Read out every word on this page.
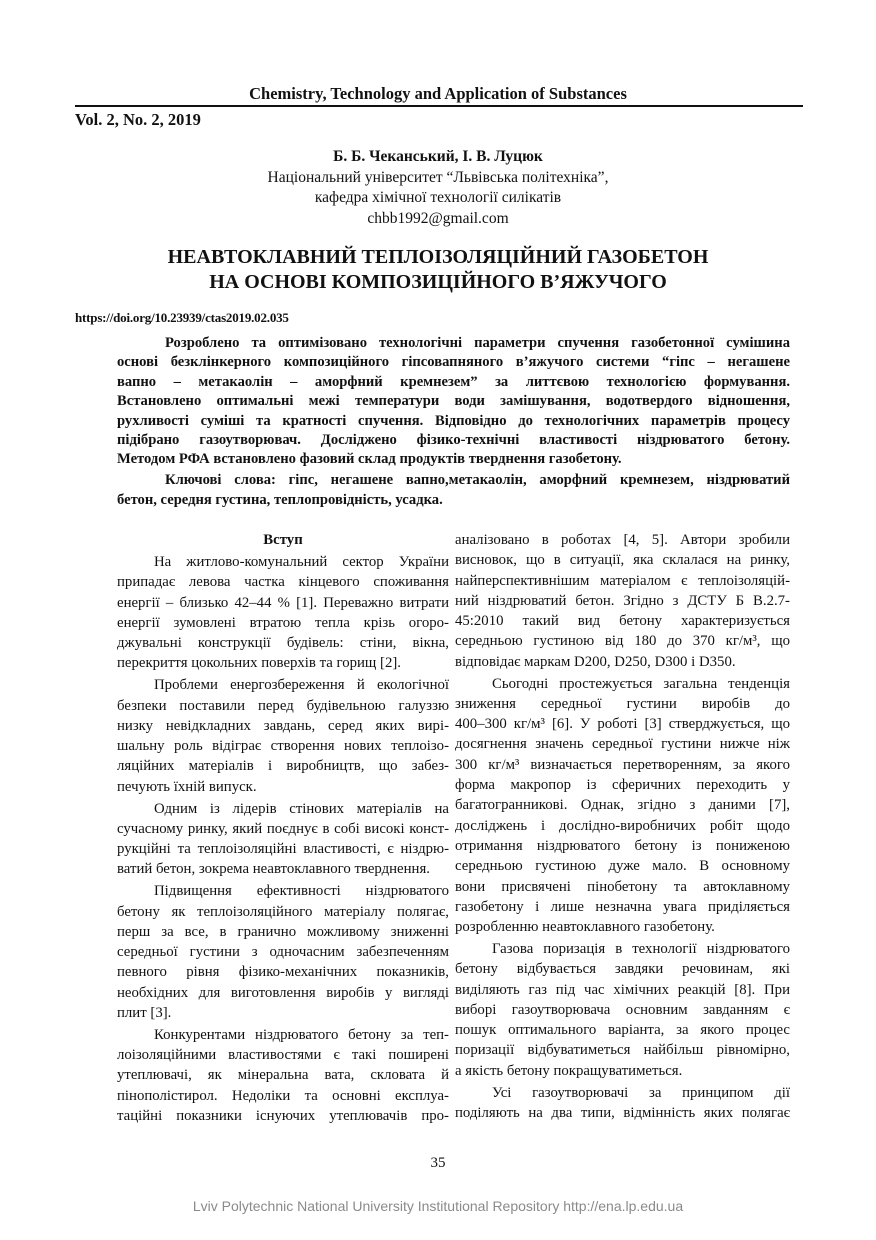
Chemistry, Technology and Application of Substances
Vol. 2, No. 2, 2019
Б. Б. Чеканський, І. В. Луцюк
Національний університет “Львівська політехніка”,
кафедра хімічної технології силікатів
chbb1992@gmail.com
НЕАВТОКЛАВНИЙ ТЕПЛОІЗОЛЯЦІЙНИЙ ГАЗОБЕТОН
НА ОСНОВІ КОМПОЗИЦІЙНОГО В’ЯЖУЧОГО
https://doi.org/10.23939/ctas2019.02.035
Розроблено та оптимізовано технологічні параметри спучення газобетонної сумішина
основі безклінкерного композиційного гіпсовапняного в’яжучого системи “гіпс – негашене
вапно – метакаолін – аморфний кремнезем” за литтєвою технологією формування.
Встановлено оптимальні межі температури води замішування, водотвердого відношення,
рухливості суміші та кратності спучення. Відповідно до технологічних параметрів процесу
підібрано газоутворювач. Досліджено фізико-технічні властивості ніздрюватого бетону.
Методом РФА встановлено фазовий склад продуктів тверднення газобетону.
Ключові слова: гіпс, негашене вапно,метакаолін, аморфний кремнезем, ніздрюватий
бетон, середня густина, теплопровідність, усадка.
Вступ
На житлово-комунальний сектор України
припадає левова частка кінцевого споживання
енергії – близько 42–44 % [1]. Переважно витрати
енергії зумовлені втратою тепла крізь огоро-
джувальні конструкції будівель: стіни, вікна,
перекриття цокольних поверхів та горищ [2].
Проблеми енергозбереження й екологічної
безпеки поставили перед будівельною галуззю
низку невідкладних завдань, серед яких вирі-
шальну роль відіграє створення нових теплоізо-
ляційних матеріалів і виробництв, що забез-
печують їхній випуск.
Одним із лідерів стінових матеріалів на
сучасному ринку, який поєднує в собі високі конст-
рукційні та теплоізоляційні властивості, є ніздрю-
ватий бетон, зокрема неавтоклавного тверднення.
Підвищення ефективності ніздрюватого
бетону як теплоізоляційного матеріалу полягає,
перш за все, в гранично можливому зниженні
середньої густини з одночасним забезпеченням
певного рівня фізико-механічних показників,
необхідних для виготовлення виробів у вигляді
плит [3].
Конкурентами ніздрюватого бетону за теп-
лоізоляційними властивостями є такі поширені
утеплювачі, як мінеральна вата, скловата й
пінополістирол. Недоліки та основні експлуа-
таційні показники існуючих утеплювачів про-
аналізовано в роботах [4, 5]. Автори зробили
висновок, що в ситуації, яка склалася на ринку,
найперспективнішим матеріалом є теплоізоляцій-
ний ніздрюватий бетон. Згідно з ДСТУ Б В.2.7-
45:2010 такий вид бетону характеризується
середньою густиною від 180 до 370 кг/м³, що
відповідає маркам D200, D250, D300 і D350.
Сьогодні простежується загальна тенденція
зниження середньої густини виробів до
400–300 кг/м³ [6]. У роботі [3] стверджується, що
досягнення значень середньої густини нижче ніж
300 кг/м³ визначається перетворенням, за якого
форма макропор із сферичних переходить у
багатогранникові. Однак, згідно з даними [7],
досліджень і дослідно-виробничих робіт щодо
отримання ніздрюватого бетону із пониженою
середньою густиною дуже мало. В основному
вони присвячені пінобетону та автоклавному
газобетону і лише незначна увага приділяється
розробленню неавтоклавного газобетону.
Газова поризація в технології ніздрюватого
бетону відбувається завдяки речовинам, які
виділяють газ під час хімічних реакцій [8]. При
виборі газоутворювача основним завданням є
пошук оптимального варіанта, за якого процес
поризації відбуватиметься найбільш рівномірно,
а якість бетону покращуватиметься.
Усі газоутворювачі за принципом дії
поділяють на два типи, відмінність яких полягає
35
Lviv Polytechnic National University Institutional Repository http://ena.lp.edu.ua
